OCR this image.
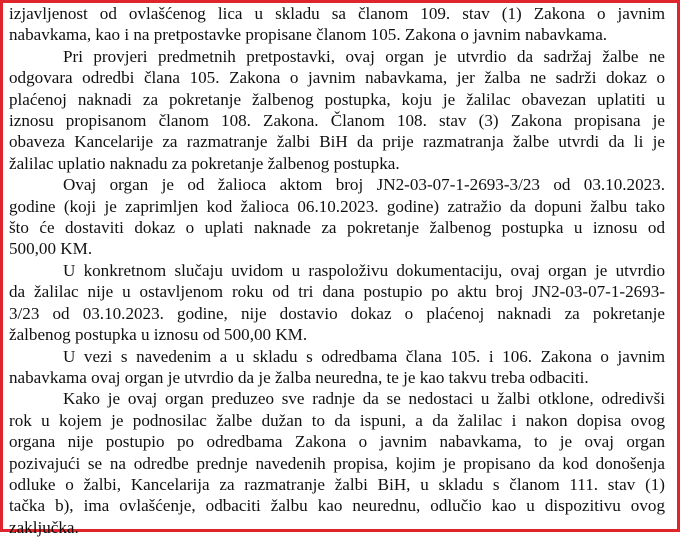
izjavljenost od ovlašćenog lica u skladu sa članom 109. stav (1) Zakona o javnim
nabavkama, kao i na pretpostavke propisane članom 105. Zakona o javnim nabavkama.
Pri provjeri predmetnih pretpostavki, ovaj organ je utvrdio da sadržaj žalbe ne
odgovara odredbi člana 105. Zakona o javnim nabavkama, jer žalba ne sadrži dokaz o
plaćenoj naknadi za pokretanje žalbenog postupka, koju je žalilac obavezan uplatiti u
iznosu propisanom članom 108. Zakona. Članom 108. stav (3) Zakona propisana je
obaveza Kancelarije za razmatranje žalbi BiH da prije razmatranja žalbe utvrdi da li je
žalilac uplatio naknadu za pokretanje žalbenog postupka.
Ovaj organ je od žalioca aktom broj JN2-03-07-1-2693-3/23 od 03.10.2023.
godine (koji je zaprimljen kod žalioca 06.10.2023. godine) zatražio da dopuni žalbu tako
što će dostaviti dokaz o uplati naknade za pokretanje žalbenog postupka u iznosu od
500,00 KM.
U konkretnom slučaju uvidom u raspoloživu dokumentaciju, ovaj organ je utvrdio
da žalilac nije u ostavljenom roku od tri dana postupio po aktu broj JN2-03-07-1-2693-
3/23 od 03.10.2023. godine, nije dostavio dokaz o plaćenoj naknadi za pokretanje
žalbenog postupka u iznosu od 500,00 KM.
U vezi s navedenim a u skladu s odredbama člana 105. i 106. Zakona o javnim
nabavkama ovaj organ je utvrdio da je žalba neuredna, te je kao takvu treba odbaciti.
Kako je ovaj organ preduzeo sve radnje da se nedostaci u žalbi otklone, odredivši
rok u kojem je podnosilac žalbe dužan to da ispuni, a da žalilac i nakon dopisa ovog
organa nije postupio po odredbama Zakona o javnim nabavkama, to je ovaj organ
pozivajući se na odredbe prednje navedenih propisa, kojim je propisano da kod donošenja
odluke o žalbi, Kancelarija za razmatranje žalbi BiH, u skladu s članom 111. stav (1)
tačka b), ima ovlašćenje, odbaciti žalbu kao neurednu, odlučio kao u dispozitivu ovog
zaključka.
